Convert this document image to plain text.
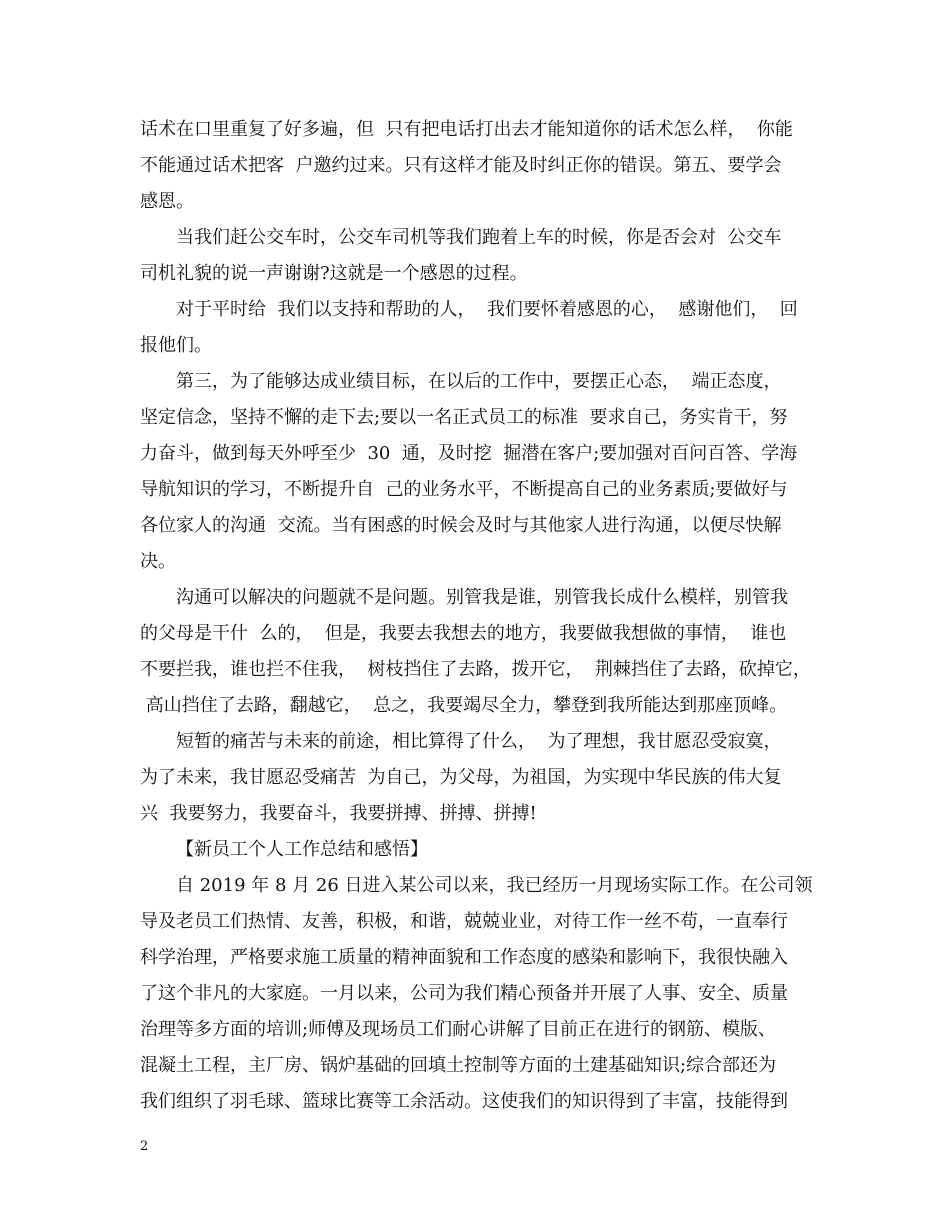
话术在口里重复了好多遍，但  只有把电话打出去才能知道你的话术怎么样，  你能

不能通过话术把客  户邀约过来。只有这样才能及时纠正你的错误。第五、要学会

感恩。

当我们赶公交车时，公交车司机等我们跑着上车的时候，你是否会对  公交车

司机礼貌的说一声谢谢?这就是一个感恩的过程。

对于平时给  我们以支持和帮助的人，  我们要怀着感恩的心，  感谢他们，  回

报他们。

第三，为了能够达成业绩目标，在以后的工作中，要摆正心态，  端正态度，

坚定信念，坚持不懈的走下去;要以一名正式员工的标准  要求自己，务实肯干，努

力奋斗，做到每天外呼至少  30  通，及时挖  掘潜在客户;要加强对百问百答、学海

导航知识的学习，不断提升自  己的业务水平，不断提高自己的业务素质;要做好与

各位家人的沟通  交流。当有困惑的时候会及时与其他家人进行沟通，以便尽快解

决。

沟通可以解决的问题就不是问题。别管我是谁，别管我长成什么模样，别管我

的父母是干什  么的，  但是，我要去我想去的地方，我要做我想做的事情，  谁也

不要拦我，谁也拦不住我，  树枝挡住了去路，拨开它，  荆棘挡住了去路，砍掉它，

高山挡住了去路，翻越它，  总之，我要竭尽全力，攀登到我所能达到那座顶峰。

短暂的痛苦与未来的前途，相比算得了什么，  为了理想，我甘愿忍受寂寞，

为了未来，我甘愿忍受痛苦  为自己，为父母，为祖国，为实现中华民族的伟大复

兴  我要努力，我要奋斗，我要拼搏、拼搏、拼搏!

【新员工个人工作总结和感悟】

自 2019 年 8 月 26 日进入某公司以来，我已经历一月现场实际工作。在公司领

导及老员工们热情、友善，积极，和谐，兢兢业业，对待工作一丝不苟，一直奉行

科学治理，严格要求施工质量的精神面貌和工作态度的感染和影响下，我很快融入

了这个非凡的大家庭。一月以来，公司为我们精心预备并开展了人事、安全、质量

治理等多方面的培训;师傅及现场员工们耐心讲解了目前正在进行的钢筋、模版、

混凝土工程，主厂房、锅炉基础的回填土控制等方面的土建基础知识;综合部还为

我们组织了羽毛球、篮球比赛等工余活动。这使我们的知识得到了丰富，技能得到

2
